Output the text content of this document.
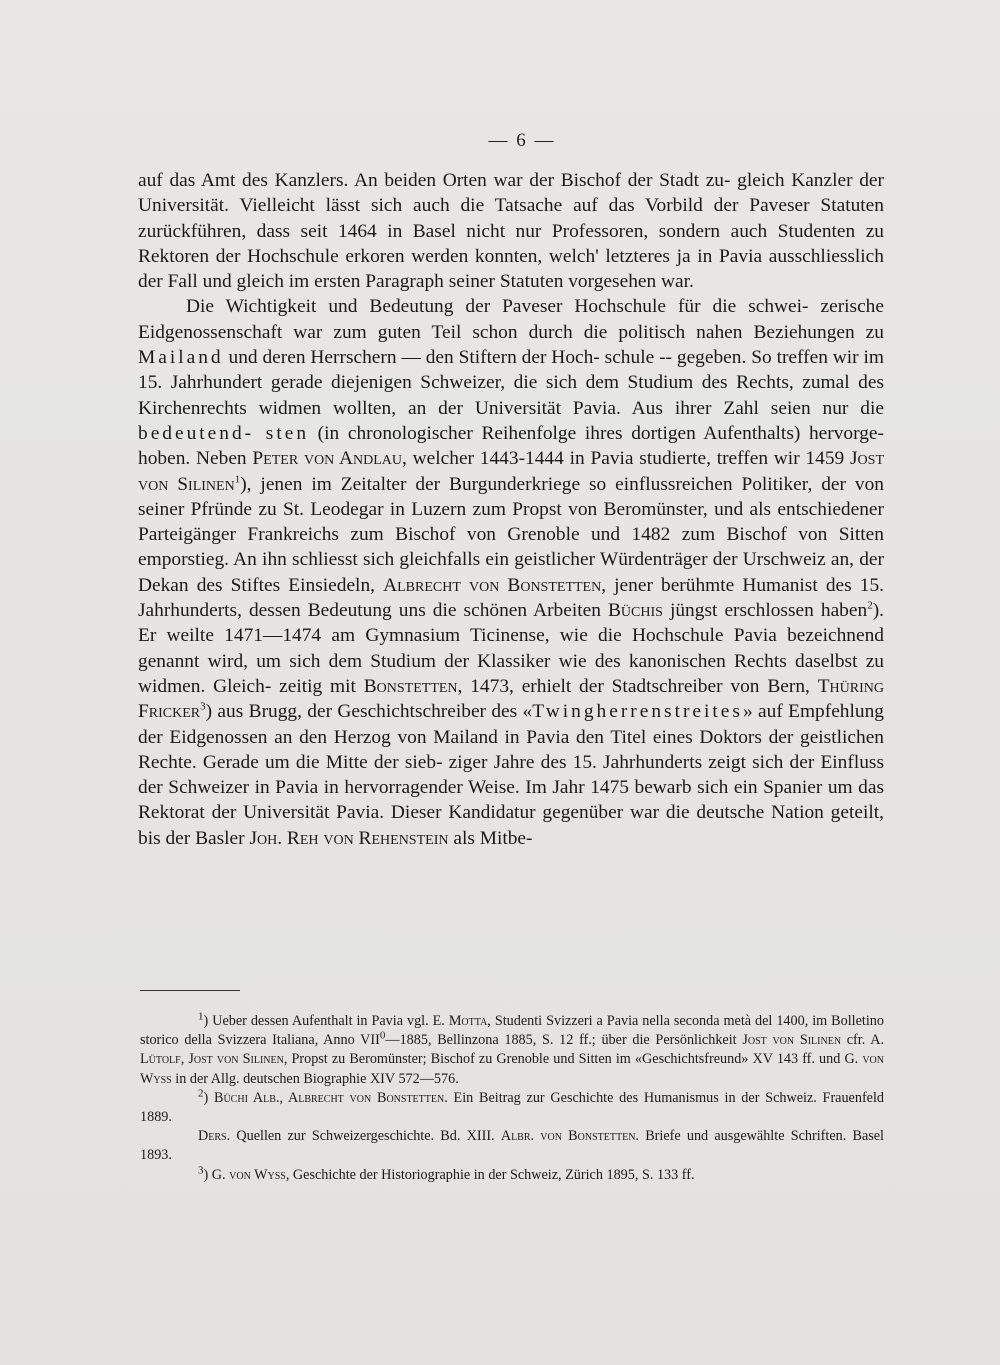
— 6 —

auf das Amt des Kanzlers. An beiden Orten war der Bischof der Stadt zu- gleich Kanzler der Universität. Vielleicht lässt sich auch die Tatsache auf das Vorbild der Paveser Statuten zurückführen, dass seit 1464 in Basel nicht nur Professoren, sondern auch Studenten zu Rektoren der Hochschule erkoren werden konnten, welch' letzteres ja in Pavia ausschliesslich der Fall und gleich im ersten Paragraph seiner Statuten vorgesehen war.

Die Wichtigkeit und Bedeutung der Paveser Hochschule für die schwei- zerische Eidgenossenschaft war zum guten Teil schon durch die politisch nahen Beziehungen zu Mailand und deren Herrschern — den Stiftern der Hoch- schule -- gegeben. So treffen wir im 15. Jahrhundert gerade diejenigen Schweizer, die sich dem Studium des Rechts, zumal des Kirchenrechts widmen wollten, an der Universität Pavia. Aus ihrer Zahl seien nur die bedeutend- sten (in chronologischer Reihenfolge ihres dortigen Aufenthalts) hervorge- hoben. Neben Peter von Andlau, welcher 1443-1444 in Pavia studierte, treffen wir 1459 Jost von Silinen$^1$), jenen im Zeitalter der Burgunderkriege so einflussreichen Politiker, der von seiner Pfründe zu St. Leodegar in Luzern zum Propst von Beromünster, und als entschiedener Parteigänger Frankreichs zum Bischof von Grenoble und 1482 zum Bischof von Sitten emporstieg. An ihn schliesst sich gleichfalls ein geistlicher Würdenträger der Urschweiz an, der Dekan des Stiftes Einsiedeln, Albrecht von Bonstetten, jener berühmte Humanist des 15. Jahrhunderts, dessen Bedeutung uns die schönen Arbeiten Büchis jüngst erschlossen haben$^2$). Er weilte 1471—1474 am Gymnasium Ticinense, wie die Hochschule Pavia bezeichnend genannt wird, um sich dem Studium der Klassiker wie des kanonischen Rechts daselbst zu widmen. Gleich- zeitig mit Bonstetten, 1473, erhielt der Stadtschreiber von Bern, Thüring Fricker$^3$) aus Brugg, der Geschichtschreiber des «Twingherrenstreites» auf Empfehlung der Eidgenossen an den Herzog von Mailand in Pavia den Titel eines Doktors der geistlichen Rechte. Gerade um die Mitte der sieb- ziger Jahre des 15. Jahrhunderts zeigt sich der Einfluss der Schweizer in Pavia in hervorragender Weise. Im Jahr 1475 bewarb sich ein Spanier um das Rektorat der Universität Pavia. Dieser Kandidatur gegenüber war die deutsche Nation geteilt, bis der Basler Joh. Reh von Rehenstein als Mitbe-

$^1$) Ueber dessen Aufenthalt in Pavia vgl. E. Motta, Studenti Svizzeri a Pavia nella seconda metà del 1400, im Bolletino storico della Svizzera Italiana, Anno VII$^0$—1885, Bellinzona 1885, S. 12 ff.; über die Persönlichkeit Jost von Silinen cfr. A. Lütolf, Jost von Silinen, Propst zu Beromünster; Bischof zu Grenoble und Sitten im «Geschichtsfreund» XV 143 ff. und G. von Wyss in der Allg. deutschen Biographie XIV 572—576.

$^2$) Büchi Alb., Albrecht von Bonstetten. Ein Beitrag zur Geschichte des Humanismus in der Schweiz. Frauenfeld 1889.

Ders. Quellen zur Schweizergeschichte. Bd. XIII. Albr. von Bonstetten. Briefe und ausgewählte Schriften. Basel 1893.

$^3$) G. von Wyss, Geschichte der Historiographie in der Schweiz, Zürich 1895, S. 133 ff.
